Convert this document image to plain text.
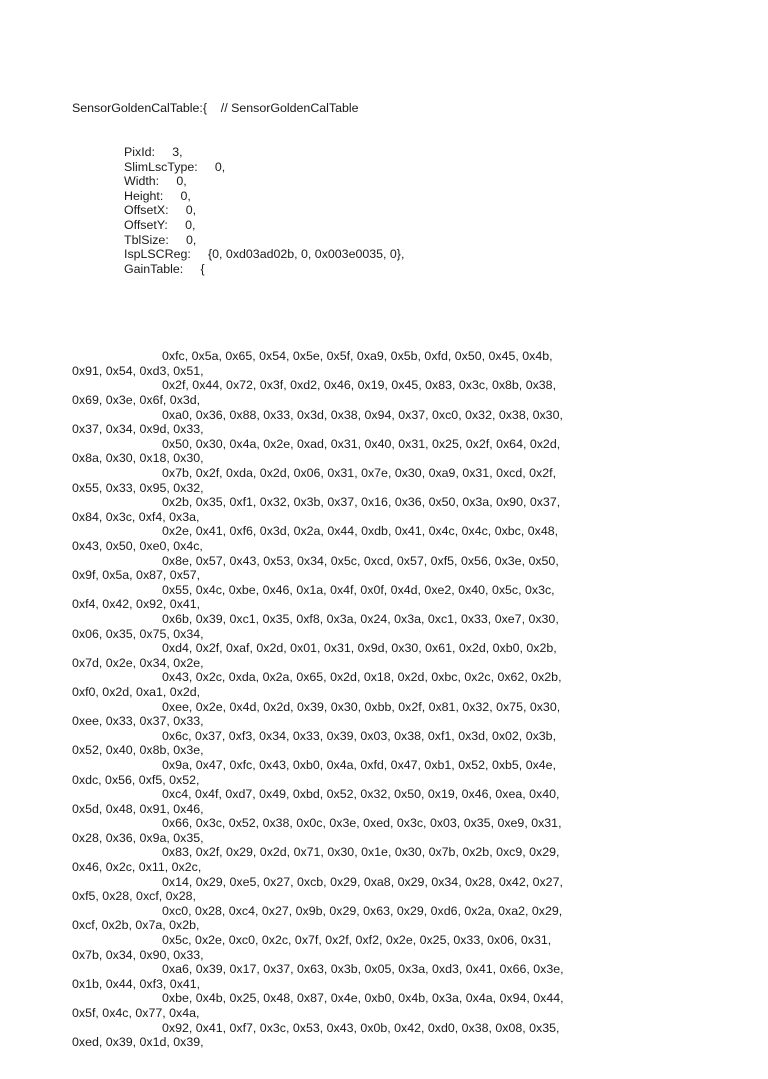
SensorGoldenCalTable:{    // SensorGoldenCalTable

PixId:     3,
SlimLscType:     0,
Width:     0,
Height:     0,
OffsetX:     0,
OffsetY:     0,
TblSize:     0,
IspLSCReg:     {0, 0xd03ad02b, 0, 0x003e0035, 0},
GainTable:     {

0xfc, 0x5a, 0x65, 0x54, 0x5e, 0x5f, 0xa9, 0x5b, 0xfd, 0x50, 0x45, 0x4b,
0x91, 0x54, 0xd3, 0x51,
0x2f, 0x44, 0x72, 0x3f, 0xd2, 0x46, 0x19, 0x45, 0x83, 0x3c, 0x8b, 0x38,
0x69, 0x3e, 0x6f, 0x3d,
0xa0, 0x36, 0x88, 0x33, 0x3d, 0x38, 0x94, 0x37, 0xc0, 0x32, 0x38, 0x30,
0x37, 0x34, 0x9d, 0x33,
0x50, 0x30, 0x4a, 0x2e, 0xad, 0x31, 0x40, 0x31, 0x25, 0x2f, 0x64, 0x2d,
0x8a, 0x30, 0x18, 0x30,
0x7b, 0x2f, 0xda, 0x2d, 0x06, 0x31, 0x7e, 0x30, 0xa9, 0x31, 0xcd, 0x2f,
0x55, 0x33, 0x95, 0x32,
0x2b, 0x35, 0xf1, 0x32, 0x3b, 0x37, 0x16, 0x36, 0x50, 0x3a, 0x90, 0x37,
0x84, 0x3c, 0xf4, 0x3a,
0x2e, 0x41, 0xf6, 0x3d, 0x2a, 0x44, 0xdb, 0x41, 0x4c, 0x4c, 0xbc, 0x48,
0x43, 0x50, 0xe0, 0x4c,
0x8e, 0x57, 0x43, 0x53, 0x34, 0x5c, 0xcd, 0x57, 0xf5, 0x56, 0x3e, 0x50,
0x9f, 0x5a, 0x87, 0x57,
0x55, 0x4c, 0xbe, 0x46, 0x1a, 0x4f, 0x0f, 0x4d, 0xe2, 0x40, 0x5c, 0x3c,
0xf4, 0x42, 0x92, 0x41,
0x6b, 0x39, 0xc1, 0x35, 0xf8, 0x3a, 0x24, 0x3a, 0xc1, 0x33, 0xe7, 0x30,
0x06, 0x35, 0x75, 0x34,
0xd4, 0x2f, 0xaf, 0x2d, 0x01, 0x31, 0x9d, 0x30, 0x61, 0x2d, 0xb0, 0x2b,
0x7d, 0x2e, 0x34, 0x2e,
0x43, 0x2c, 0xda, 0x2a, 0x65, 0x2d, 0x18, 0x2d, 0xbc, 0x2c, 0x62, 0x2b,
0xf0, 0x2d, 0xa1, 0x2d,
0xee, 0x2e, 0x4d, 0x2d, 0x39, 0x30, 0xbb, 0x2f, 0x81, 0x32, 0x75, 0x30,
0xee, 0x33, 0x37, 0x33,
0x6c, 0x37, 0xf3, 0x34, 0x33, 0x39, 0x03, 0x38, 0xf1, 0x3d, 0x02, 0x3b,
0x52, 0x40, 0x8b, 0x3e,
0x9a, 0x47, 0xfc, 0x43, 0xb0, 0x4a, 0xfd, 0x47, 0xb1, 0x52, 0xb5, 0x4e,
0xdc, 0x56, 0xf5, 0x52,
0xc4, 0x4f, 0xd7, 0x49, 0xbd, 0x52, 0x32, 0x50, 0x19, 0x46, 0xea, 0x40,
0x5d, 0x48, 0x91, 0x46,
0x66, 0x3c, 0x52, 0x38, 0x0c, 0x3e, 0xed, 0x3c, 0x03, 0x35, 0xe9, 0x31,
0x28, 0x36, 0x9a, 0x35,
0x83, 0x2f, 0x29, 0x2d, 0x71, 0x30, 0x1e, 0x30, 0x7b, 0x2b, 0xc9, 0x29,
0x46, 0x2c, 0x11, 0x2c,
0x14, 0x29, 0xe5, 0x27, 0xcb, 0x29, 0xa8, 0x29, 0x34, 0x28, 0x42, 0x27,
0xf5, 0x28, 0xcf, 0x28,
0xc0, 0x28, 0xc4, 0x27, 0x9b, 0x29, 0x63, 0x29, 0xd6, 0x2a, 0xa2, 0x29,
0xcf, 0x2b, 0x7a, 0x2b,
0x5c, 0x2e, 0xc0, 0x2c, 0x7f, 0x2f, 0xf2, 0x2e, 0x25, 0x33, 0x06, 0x31,
0x7b, 0x34, 0x90, 0x33,
0xa6, 0x39, 0x17, 0x37, 0x63, 0x3b, 0x05, 0x3a, 0xd3, 0x41, 0x66, 0x3e,
0x1b, 0x44, 0xf3, 0x41,
0xbe, 0x4b, 0x25, 0x48, 0x87, 0x4e, 0xb0, 0x4b, 0x3a, 0x4a, 0x94, 0x44,
0x5f, 0x4c, 0x77, 0x4a,
0x92, 0x41, 0xf7, 0x3c, 0x53, 0x43, 0x0b, 0x42, 0xd0, 0x38, 0x08, 0x35,
0xed, 0x39, 0x1d, 0x39,
